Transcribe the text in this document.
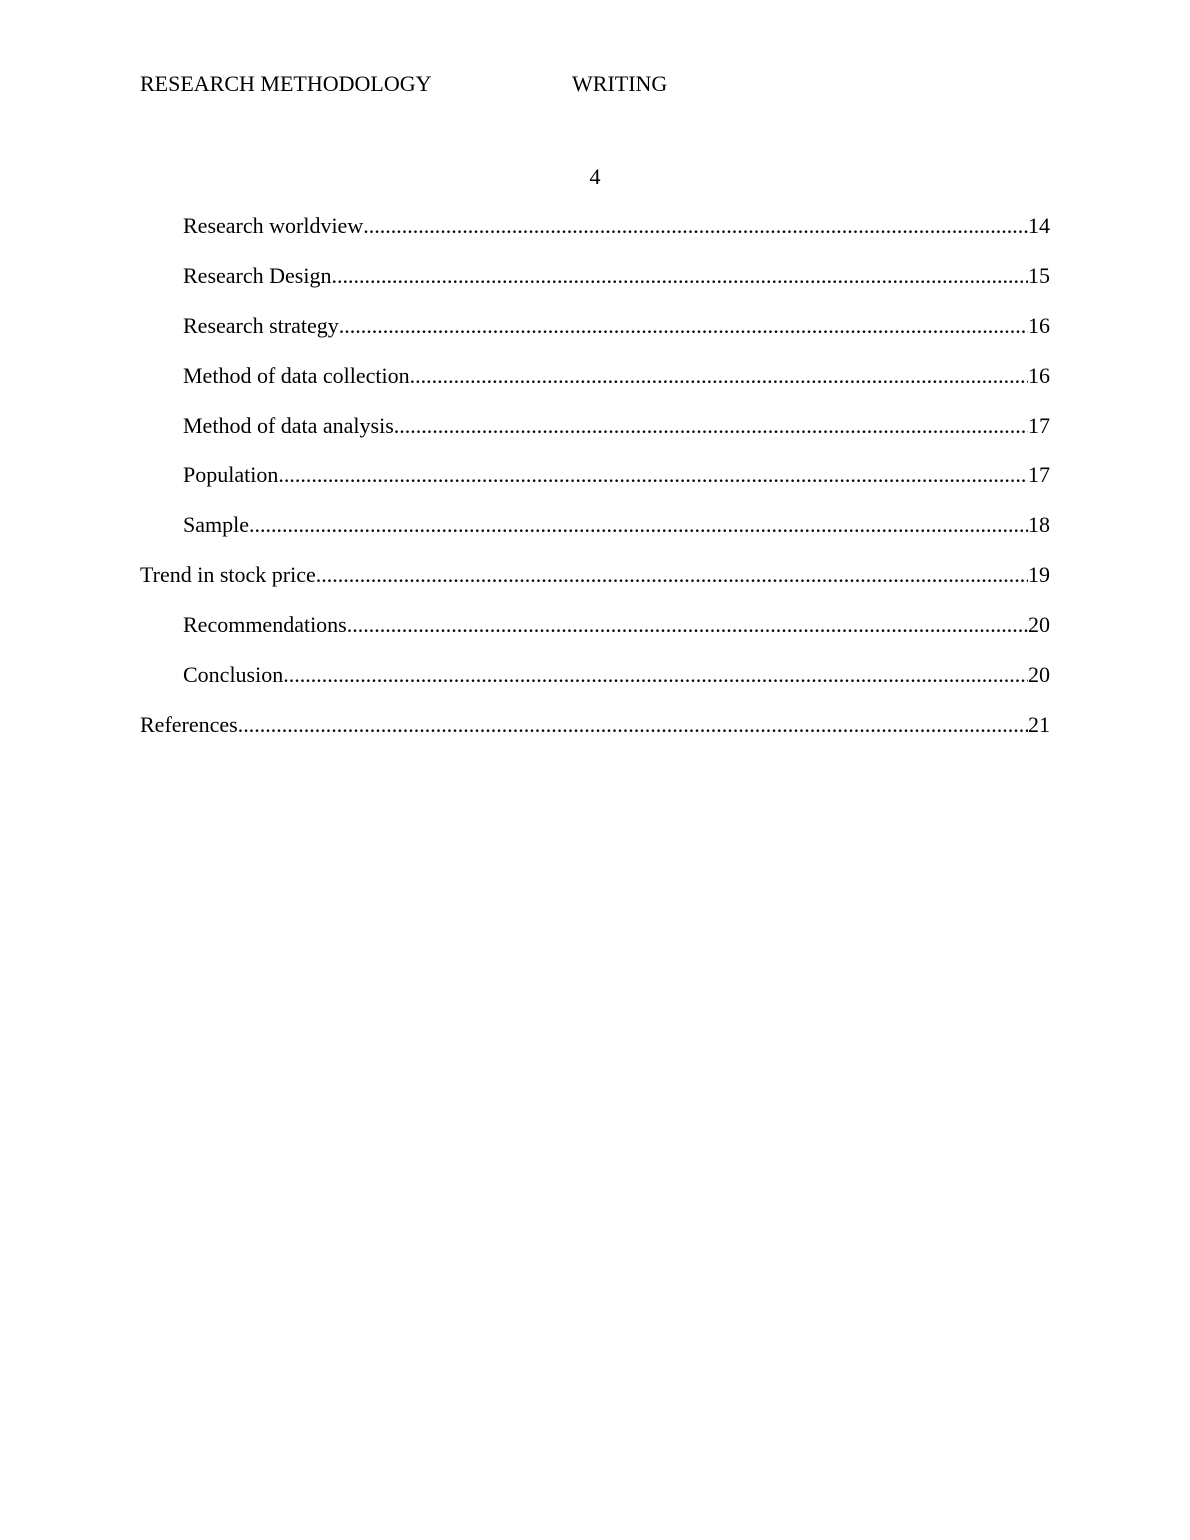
RESEARCH METHODOLOGY	WRITING
4
Research worldview .....	14
Research Design .....	15
Research strategy .....	16
Method of data collection .....	16
Method of data analysis .....	17
Population .....	17
Sample .....	18
Trend in stock price .....	19
Recommendations .....	20
Conclusion .....	20
References .....	21
